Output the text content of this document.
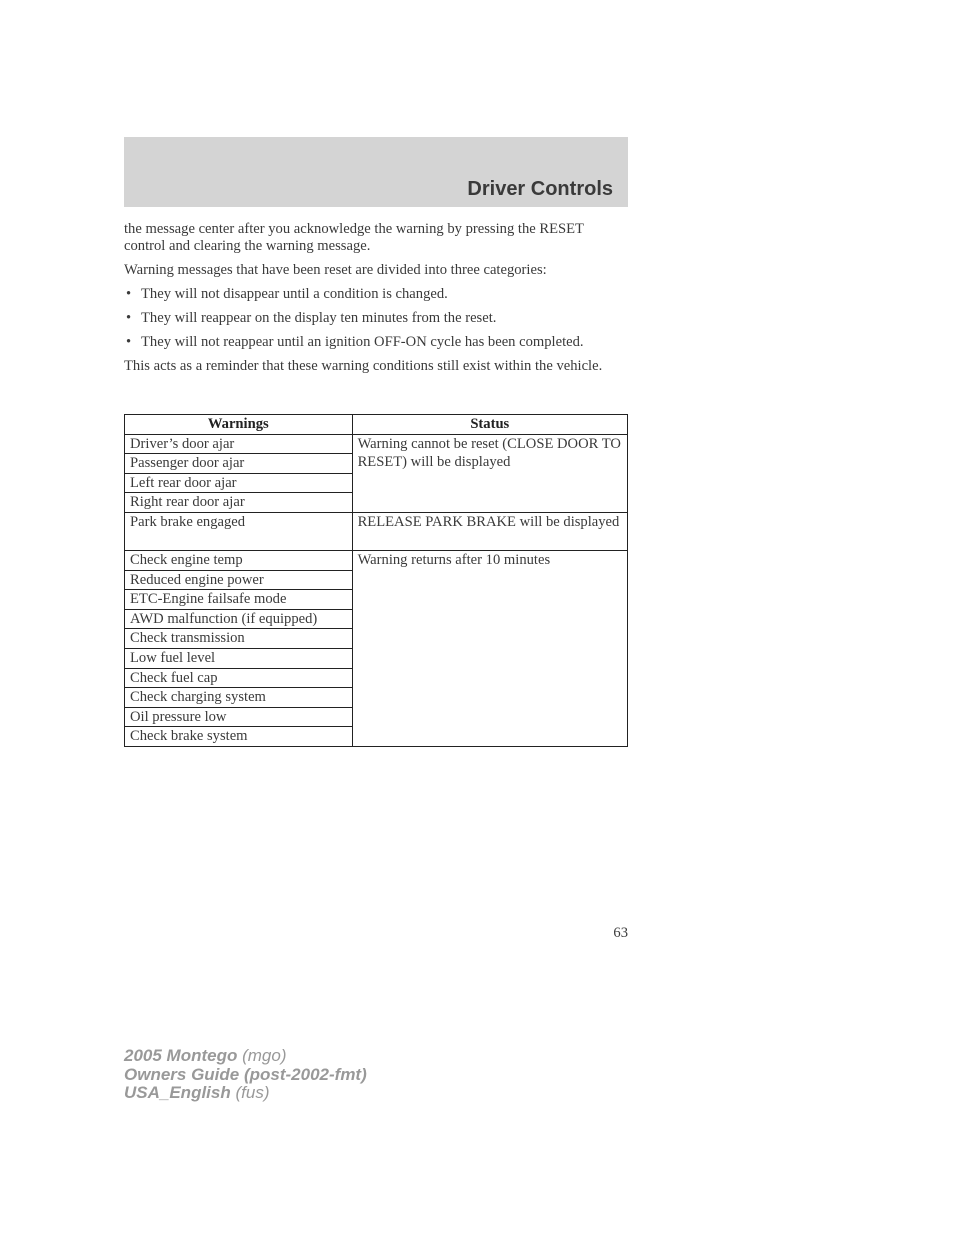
Driver Controls

the message center after you acknowledge the warning by pressing the RESET control and clearing the warning message.

Warning messages that have been reset are divided into three categories:

• They will not disappear until a condition is changed.
• They will reappear on the display ten minutes from the reset.
• They will not reappear until an ignition OFF-ON cycle has been completed.

This acts as a reminder that these warning conditions still exist within the vehicle.

Warnings	Status
Driver’s door ajar	Warning cannot be reset (CLOSE DOOR TO RESET) will be displayed
Passenger door ajar	
Left rear door ajar	
Right rear door ajar	
Park brake engaged	RELEASE PARK BRAKE will be displayed
Check engine temp	Warning returns after 10 minutes
Reduced engine power	
ETC-Engine failsafe mode	
AWD malfunction (if equipped)	
Check transmission	
Low fuel level	
Check fuel cap	
Check charging system	
Oil pressure low	
Check brake system	
63
2005 Montego (mgo)
Owners Guide (post-2002-fmt)
USA_English (fus)
